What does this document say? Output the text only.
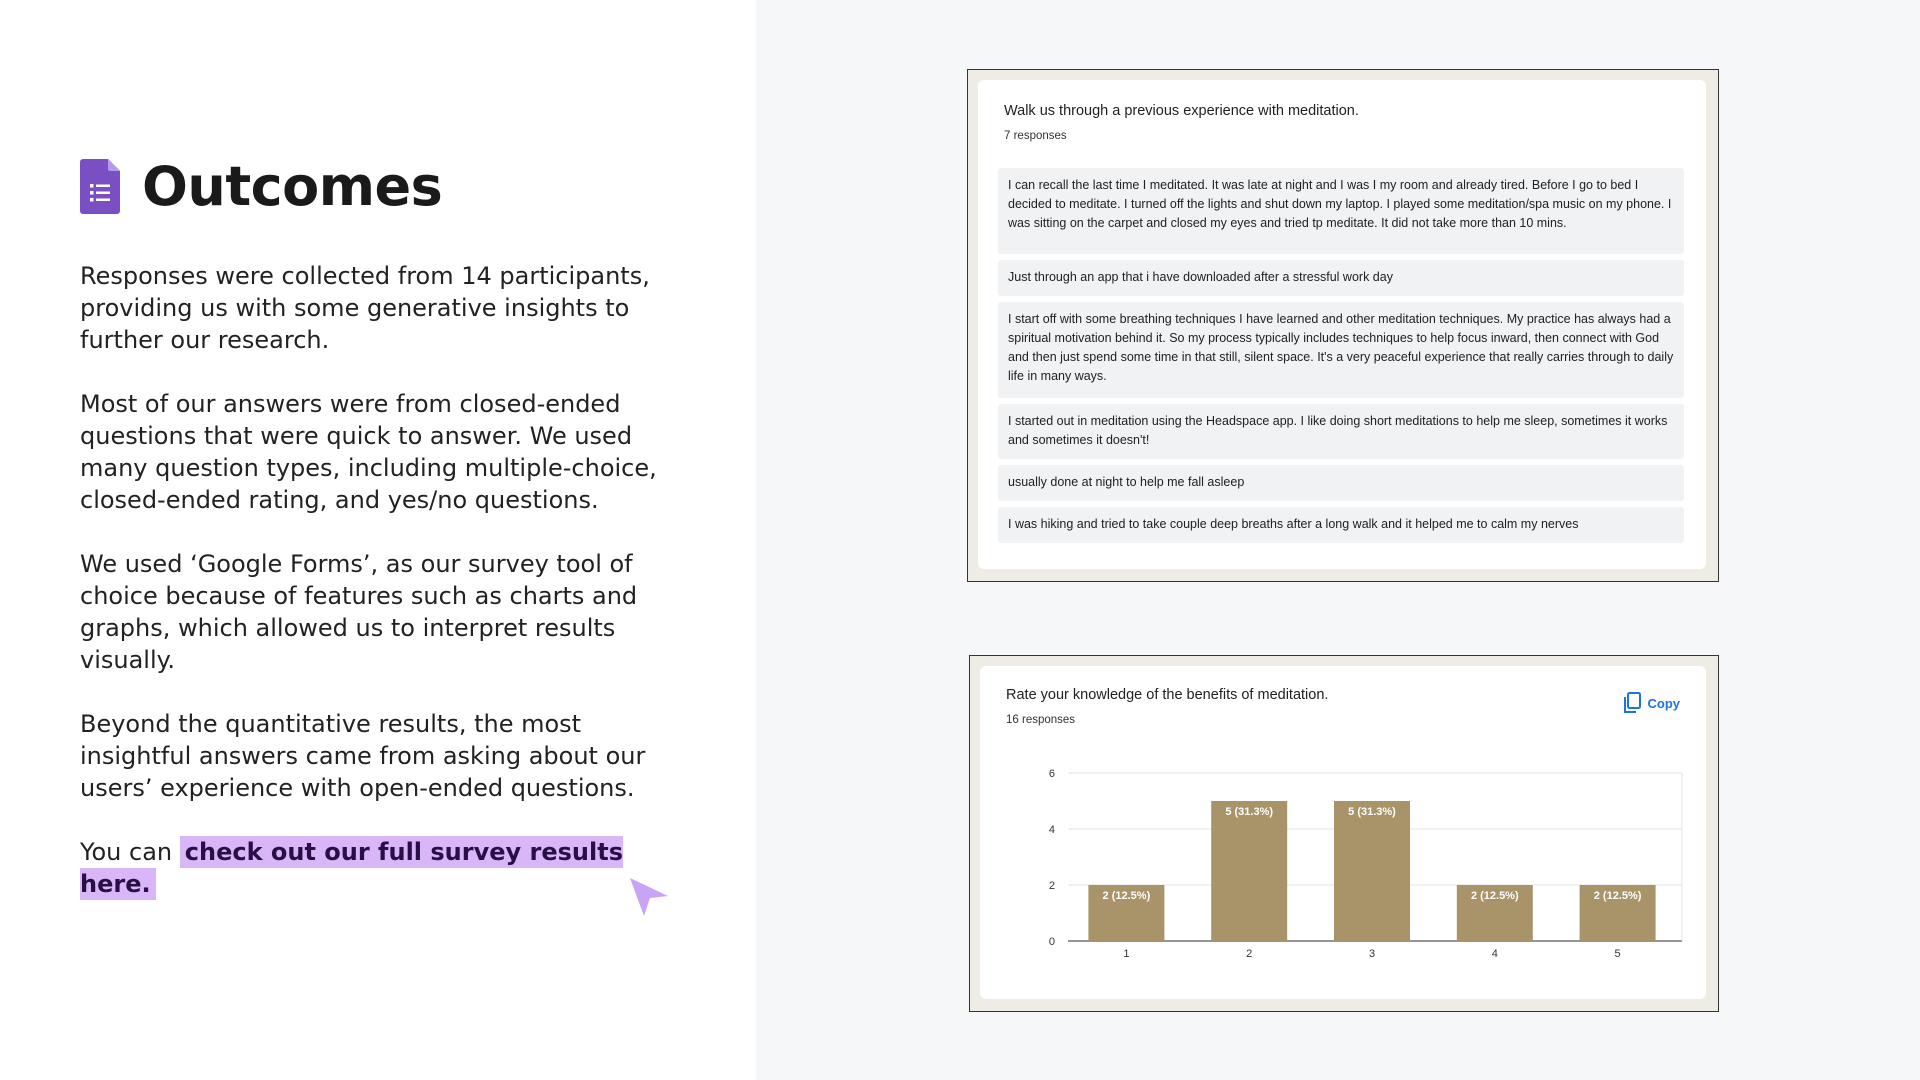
Outcomes

Responses were collected from 14 participants, providing us with some generative insights to further our research.

Most of our answers were from closed-ended questions that were quick to answer. We used many question types, including multiple-choice, closed-ended rating, and yes/no questions.

We used ‘Google Forms’, as our survey tool of choice because of features such as charts and graphs, which allowed us to interpret results visually.

Beyond the quantitative results, the most insightful answers came from asking about our users’ experience with open-ended questions.

You can check out our full survey results here.

Walk us through a previous experience with meditation.
7 responses
I can recall the last time I meditated. It was late at night and I was I my room and already tired. Before I go to bed I decided to meditate. I turned off the lights and shut down my laptop. I played some meditation/spa music on my phone. I was sitting on the carpet and closed my eyes and tried tp meditate. It did not take more than 10 mins.
Just through an app that i have downloaded after a stressful work day
I start off with some breathing techniques I have learned and other meditation techniques. My practice has always had a spiritual motivation behind it. So my process typically includes techniques to help focus inward, then connect with God and then just spend some time in that still, silent space. It's a very peaceful experience that really carries through to daily life in many ways.
I started out in meditation using the Headspace app. I like doing short meditations to help me sleep, sometimes it works and sometimes it doesn't!
usually done at night to help me fall asleep
I was hiking and tried to take couple deep breaths after a long walk and it helped me to calm my nerves
Rate your knowledge of the benefits of meditation.
16 responses
Copy
0
2
4
6
2 (12.5%)
1
5 (31.3%)
2
5 (31.3%)
3
2 (12.5%)
4
2 (12.5%)
5
